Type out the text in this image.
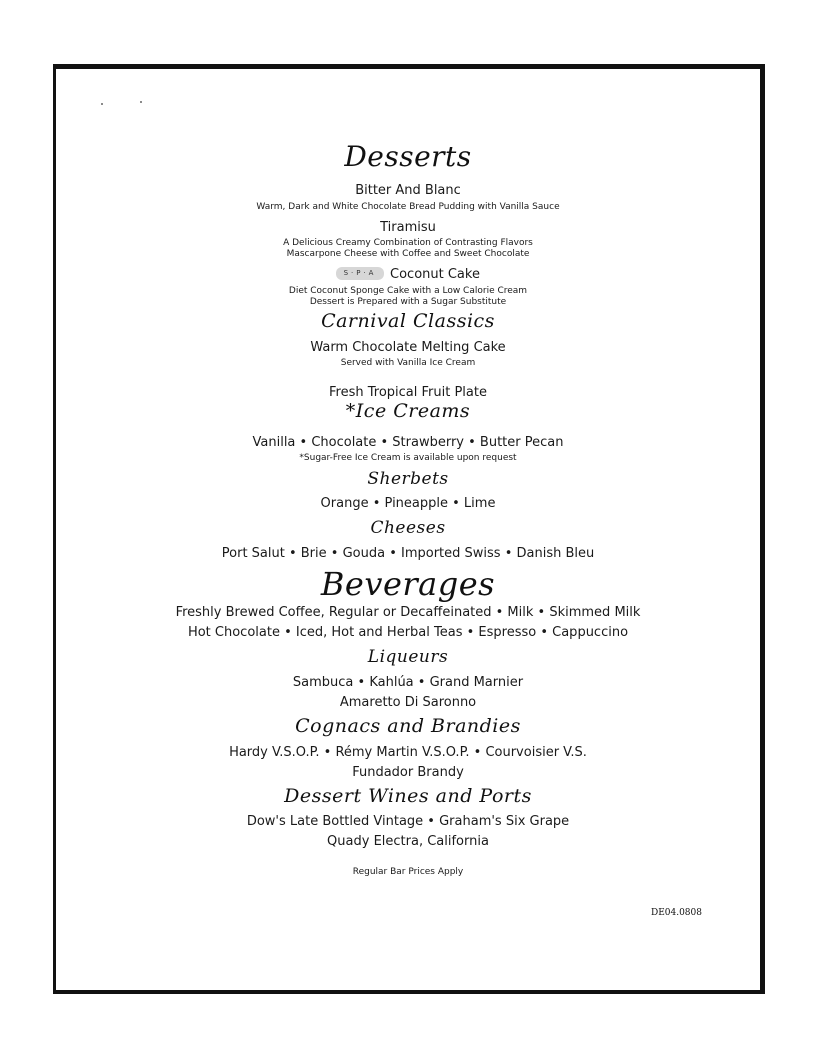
Desserts
Bitter And Blanc
Warm, Dark and White Chocolate Bread Pudding with Vanilla Sauce
Tiramisu
A Delicious Creamy Combination of Contrasting Flavors
Mascarpone Cheese with Coffee and Sweet Chocolate
S·P·A Coconut Cake
Diet Coconut Sponge Cake with a Low Calorie Cream
Dessert is Prepared with a Sugar Substitute
Carnival Classics
Warm Chocolate Melting Cake
Served with Vanilla Ice Cream
Fresh Tropical Fruit Plate
*Ice Creams
Vanilla • Chocolate • Strawberry • Butter Pecan
*Sugar-Free Ice Cream is available upon request
Sherbets
Orange • Pineapple • Lime
Cheeses
Port Salut • Brie • Gouda • Imported Swiss • Danish Bleu
Beverages
Freshly Brewed Coffee, Regular or Decaffeinated • Milk • Skimmed Milk
Hot Chocolate • Iced, Hot and Herbal Teas • Espresso • Cappuccino
Liqueurs
Sambuca • Kahlúa • Grand Marnier
Amaretto Di Saronno
Cognacs and Brandies
Hardy V.S.O.P. • Rémy Martin V.S.O.P. • Courvoisier V.S.
Fundador Brandy
Dessert Wines and Ports
Dow's Late Bottled Vintage • Graham's Six Grape
Quady Electra, California
Regular Bar Prices Apply
DE04.0808
